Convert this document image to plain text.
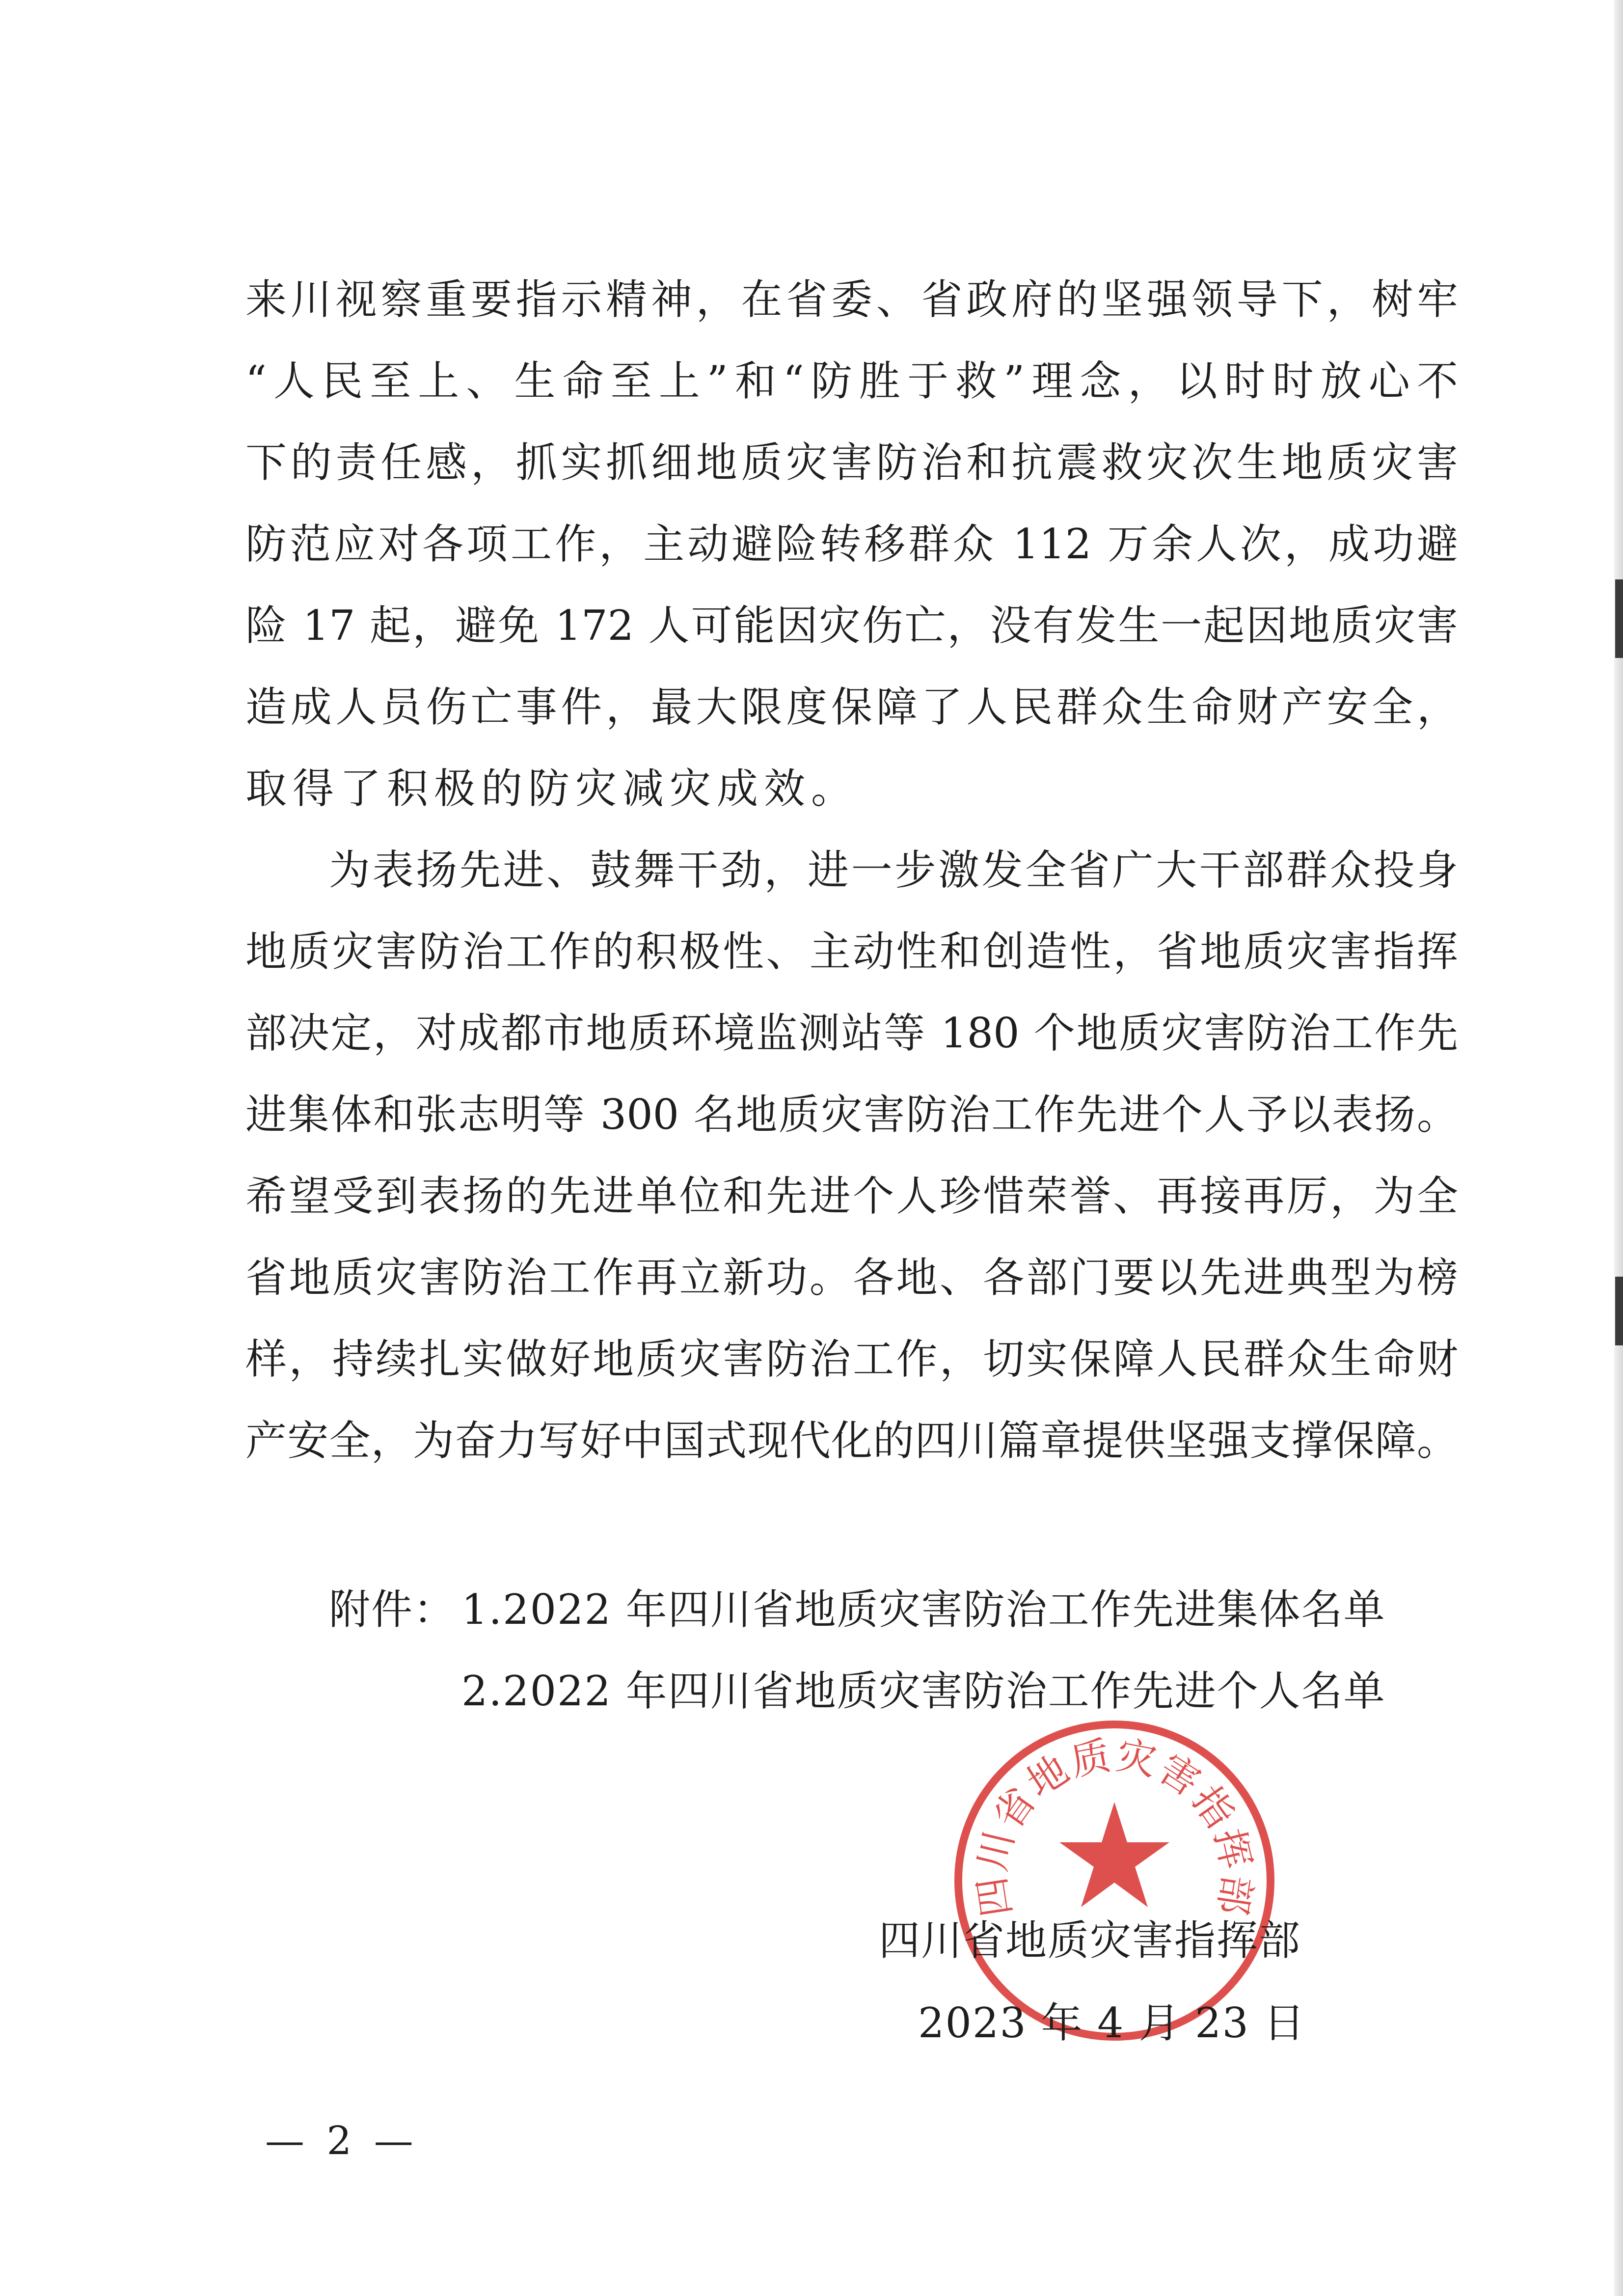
来川视察重要指示精神，在省委、省政府的坚强领导下，树牢
“人民至上、生命至上”和“防胜于救”理念，以时时放心不
下的责任感，抓实抓细地质灾害防治和抗震救灾次生地质灾害
防范应对各项工作，主动避险转移群众 112 万余人次，成功避
险 17 起，避免 172 人可能因灾伤亡，没有发生一起因地质灾害
造成人员伤亡事件，最大限度保障了人民群众生命财产安全，
取得了积极的防灾减灾成效。
为表扬先进、鼓舞干劲，进一步激发全省广大干部群众投身
地质灾害防治工作的积极性、主动性和创造性，省地质灾害指挥
部决定，对成都市地质环境监测站等 180 个地质灾害防治工作先
进集体和张志明等 300 名地质灾害防治工作先进个人予以表扬。
希望受到表扬的先进单位和先进个人珍惜荣誉、再接再厉，为全
省地质灾害防治工作再立新功。各地、各部门要以先进典型为榜
样，持续扎实做好地质灾害防治工作，切实保障人民群众生命财
产安全，为奋力写好中国式现代化的四川篇章提供坚强支撑保障。
附件： 1.2022 年四川省地质灾害防治工作先进集体名单
2.2022 年四川省地质灾害防治工作先进个人名单
四川省地质灾害指挥部
四川省地质灾害指挥部
2023 年 4 月 23 日
— 2 —
